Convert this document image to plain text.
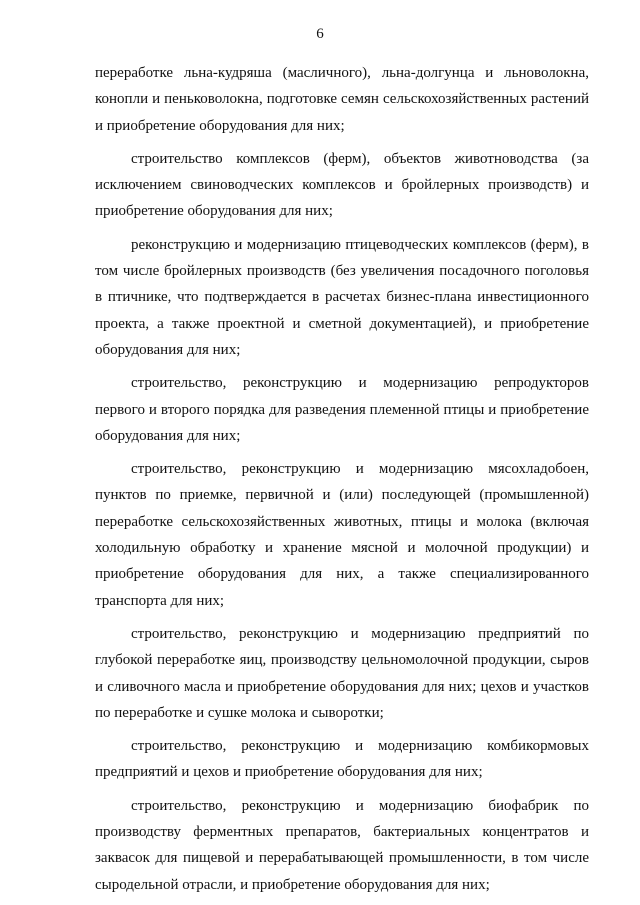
6

переработке льна-кудряша (масличного), льна-долгунца и льноволокна, конопли и пеньковолокна, подготовке семян сельскохозяйственных растений и приобретение оборудования для них;

строительство комплексов (ферм), объектов животноводства (за исключением свиноводческих комплексов и бройлерных производств) и приобретение оборудования для них;

реконструкцию и модернизацию птицеводческих комплексов (ферм), в том числе бройлерных производств (без увеличения посадочного поголовья в птичнике, что подтверждается в расчетах бизнес-плана инвестиционного проекта, а также проектной и сметной документацией), и приобретение оборудования для них;

строительство, реконструкцию и модернизацию репродукторов первого и второго порядка для разведения племенной птицы и приобретение оборудования для них;

строительство, реконструкцию и модернизацию мясохладобоен, пунктов по приемке, первичной и (или) последующей (промышленной) переработке сельскохозяйственных животных, птицы и молока (включая холодильную обработку и хранение мясной и молочной продукции) и приобретение оборудования для них, а также специализированного транспорта для них;

строительство, реконструкцию и модернизацию предприятий по глубокой переработке яиц, производству цельномолочной продукции, сыров и сливочного масла и приобретение оборудования для них; цехов и участков по переработке и сушке молока и сыворотки;

строительство, реконструкцию и модернизацию комбикормовых предприятий и цехов и приобретение оборудования для них;

строительство, реконструкцию и модернизацию биофабрик по производству ферментных препаратов, бактериальных концентратов и заквасок для пищевой и перерабатывающей промышленности, в том числе сыродельной отрасли, и приобретение оборудования для них;
